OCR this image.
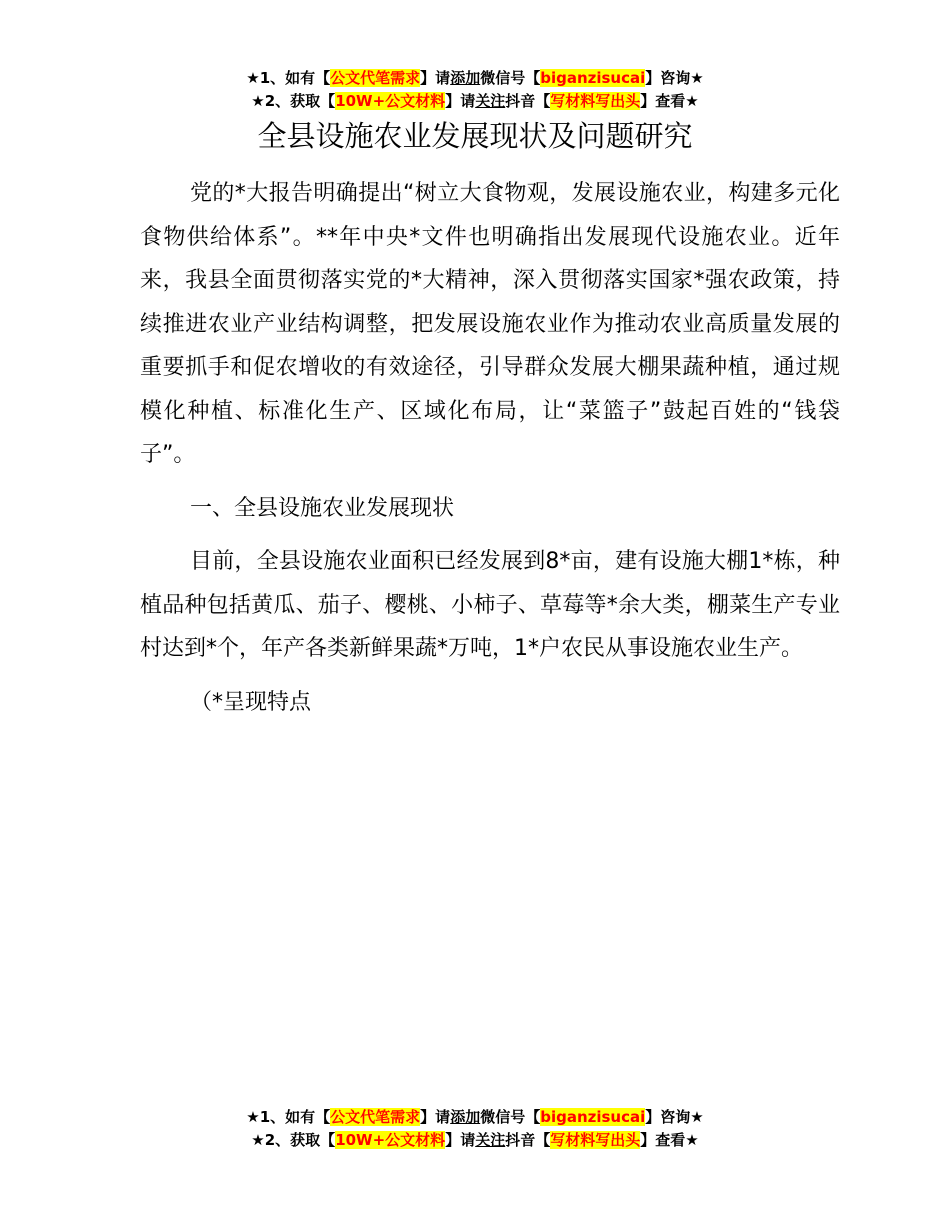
★1、如有【公文代笔需求】请添加微信号【biganzisucai】咨询★
★2、获取【10W+公文材料】请关注抖音【写材料写出头】查看★
全县设施农业发展现状及问题研究

党的*大报告明确提出“树立大食物观，发展设施农业，构建多元化食物供给体系”。**年中央*文件也明确指出发展现代设施农业。近年来，我县全面贯彻落实党的*大精神，深入贯彻落实国家*强农政策，持续推进农业产业结构调整，把发展设施农业作为推动农业高质量发展的重要抓手和促农增收的有效途径，引导群众发展大棚果蔬种植，通过规模化种植、标准化生产、区域化布局，让“菜篮子”鼓起百姓的“钱袋子”。

一、全县设施农业发展现状

目前，全县设施农业面积已经发展到8*亩，建有设施大棚1*栋，种植品种包括黄瓜、茄子、樱桃、小柿子、草莓等*余大类，棚菜生产专业村达到*个，年产各类新鲜果蔬*万吨，1*户农民从事设施农业生产。

（*呈现特点

★1、如有【公文代笔需求】请添加微信号【biganzisucai】咨询★
★2、获取【10W+公文材料】请关注抖音【写材料写出头】查看★
